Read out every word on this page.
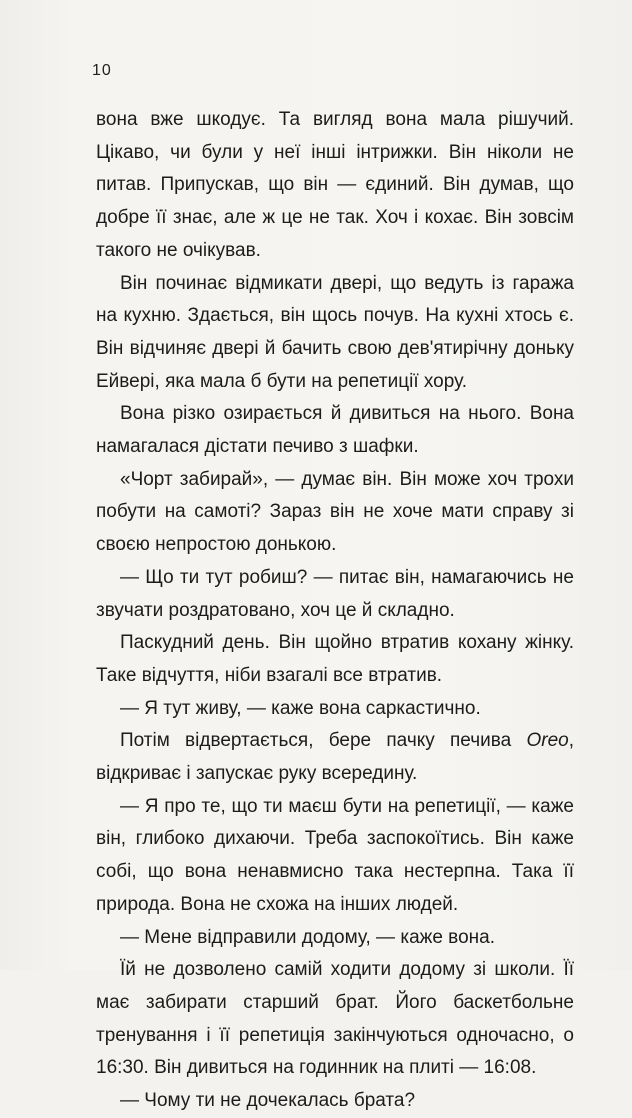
10

вона вже шкодує. Та вигляд вона мала рішучий. Цікаво, чи були у неї інші інтрижки. Він ніколи не питав. Припускав, що він — єдиний. Він думав, що добре її знає, але ж це не так. Хоч і кохає. Він зовсім такого не очікував.

Він починає відмикати двері, що ведуть із гаража на кухню. Здається, він щось почув. На кухні хтось є. Він відчиняє двері й бачить свою дев'ятирічну доньку Ейвері, яка мала б бути на репетиції хору.

Вона різко озирається й дивиться на нього. Вона намагалася дістати печиво з шафки.

«Чорт забирай», — думає він. Він може хоч трохи побути на самоті? Зараз він не хоче мати справу зі своєю непростою донькою.

— Що ти тут робиш? — питає він, намагаючись не звучати роздратовано, хоч це й складно.

Паскудний день. Він щойно втратив кохану жінку. Таке відчуття, ніби взагалі все втратив.

— Я тут живу, — каже вона саркастично.

Потім відвертається, бере пачку печива Oreo, відкриває і запускає руку всередину.

— Я про те, що ти маєш бути на репетиції, — каже він, глибоко дихаючи. Треба заспокоїтись. Він каже собі, що вона ненавмисно така нестерпна. Така її природа. Вона не схожа на інших людей.

— Мене відправили додому, — каже вона.

Їй не дозволено самій ходити додому зі школи. Її має забирати старший брат. Його баскетбольне тренування і її репетиція закінчуються одночасно, о 16:30. Він дивиться на годинник на плиті — 16:08.

— Чому ти не дочекалась брата?
